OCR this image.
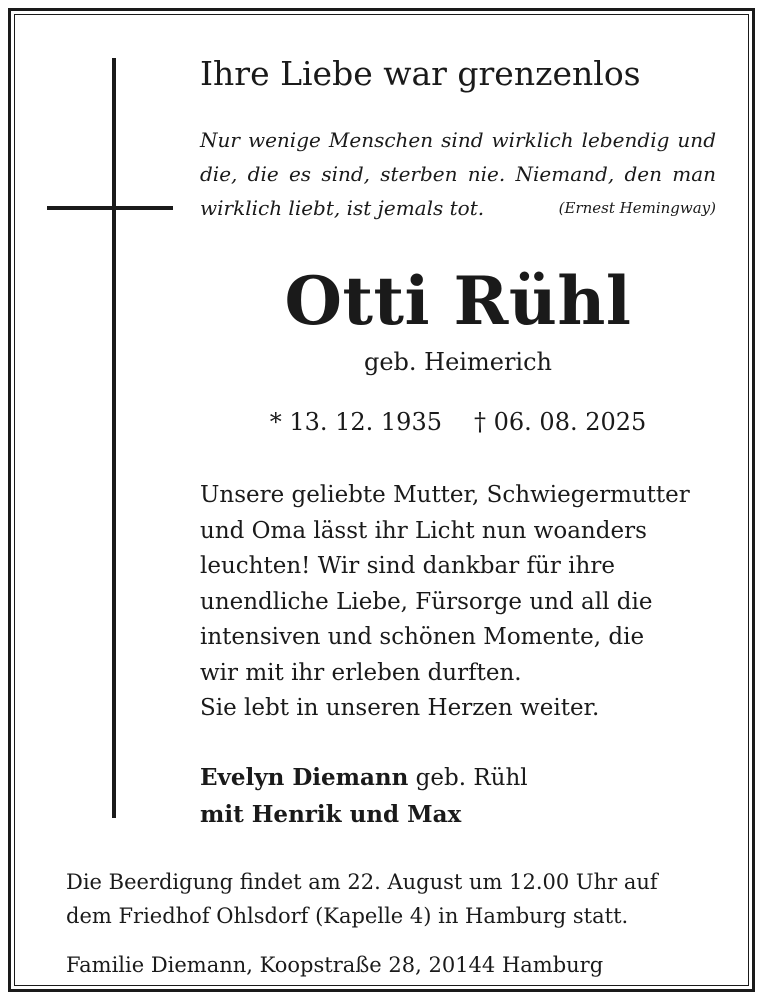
Ihre Liebe war grenzenlos
Nur wenige Menschen sind wirklich lebendig und
die, die es sind, sterben nie. Niemand, den man
wirklich liebt, ist jemals tot.	(Ernest Hemingway)
Otti Rühl
geb. Heimerich
* 13. 12. 1935 † 06. 08. 2025
Unsere geliebte Mutter, Schwiegermutter
und Oma lässt ihr Licht nun woanders
leuchten! Wir sind dankbar für ihre
unendliche Liebe, Fürsorge und all die
intensiven und schönen Momente, die
wir mit ihr erleben durften.
Sie lebt in unseren Herzen weiter.
Evelyn Diemann geb. Rühl
mit Henrik und Max
Die Beerdigung findet am 22. August um 12.00 Uhr auf
dem Friedhof Ohlsdorf (Kapelle 4) in Hamburg statt.
Familie Diemann, Koopstraße 28, 20144 Hamburg
